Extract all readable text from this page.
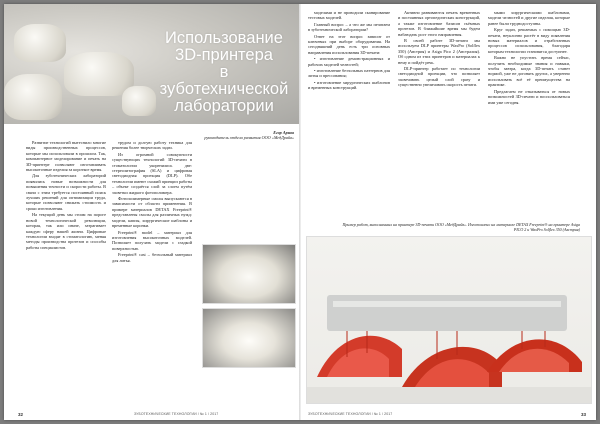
Использование
3D-принтера
в зуботехнической
лаборатории
Егор Арнов
руководитель отдела развития ООО «МедДрайв»

Развитие технологий вытеснило многие виды производственных процессов, которые мы использовали в прошлом. Так, компьютерное моделирование и печать на 3D-принтере позволяют изготавливать высокоточные изделия за короткое время.

Для зуботехнических лабораторий появились новые возможности для повышения точности и скорости работы. В связи с этим требуется постоянный поиск лучших решений для оптимизации труда, которые позволяют снижать стоимость и сроки изготовления.

На текущий день мы стоим на пороге новой технологической революции, которая, так или иначе, затрагивает каждую сферу нашей жизни. Цифровые технологии входят в стоматологию, меняя методы производства протезов и способы работы специалистов.

трудом и долгую работу техника для решения более творческих задач.

Из огромной совокупности существующих технологий 3D-печати в стоматологии укоренились две: стереолитография (SLA) и цифровая светодиодная проекция (DLP). Обе технологии имеют схожий принцип работы – объект создаётся слой за слоем путём засветки жидкого фотополимера.

Фотополимерные смолы выпускаются в зависимости от области применения. В примере материалов DETAX Freeprint® представлены смолы для различных нужд: модели, каппы, хирургические шаблоны и временные коронки.

Freeprint® model – материал для изготовления высокоточных моделей. Позволяет получать модели с гладкой поверхностью.

Freeprint® cast – беззольный материал для литья.

ЗУБОТЕХНИЧЕСКИЕ ТЕХНОЛОГИИ / № 1 / 2017
32

моделями и не проводили сканирование тестовых моделей.

Главный вопрос – а что же мы печатаем в зуботехнической лаборатории?

Ответ на этот вопрос зависит от ключевых при выборе оборудования. На сегодняшний день есть три основных направления использования 3D-печати:

• изготовление демонстрационных и рабочих моделей челюстей;

• изготовление беззольных паттернов для литья и прессования;

• изготовление хирургических шаблонов и временных конструкций.

Активно развиваются печать временных и постоянных ортопедических конструкций, а также изготовление базисов съёмных протезов. В ближайшие время мы будем наблюдать рост этого направления.

В своей работе 3D-печати мы используем DLP принтеры WaxPro (Solflex 350) (Австрия) и Asiga Pico 2 (Австралия). Об одном из этих принтеров и материалах к нему и пойдёт речь.

DLP-принтер работает по технологии светодиодной проекции, что позволяет засвечивать целый слой сразу и существенно увеличивать скорость печати.

мыми хирургическими шаблонами, модели челюстей и другие изделия, которые ранее были труднодоступны.

Круг задач, решаемых с помощью 3D-печати, неуклонно растёт в виду появления новых материалов и отработанных процессов использования, благодаря которым технологии становятся доступнее.

Важно не упустить время сейчас, получить необходимые знания и навыки, чтобы завтра, когда 3D-печать станет нормой, уже не догонять других, а уверенно использовать всё её преимущества на практике.

Предлагаем не отказываться от новых возможностей 3D-печати и воспользоваться ими уже сегодня.

Пример работ, выполненных на принтере 3D-печати ООО «МедДрайв». Изготовлено на материале DETAX Freeprint® на принтере Asiga PICO 2 и WaxPro Solflex 350 (Австрия)
ЗУБОТЕХНИЧЕСКИЕ ТЕХНОЛОГИИ / № 1 / 2017	33
